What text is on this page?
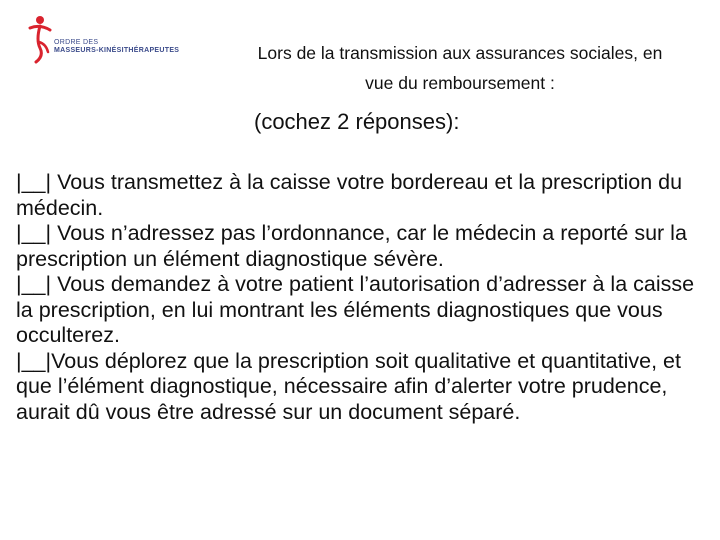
ORDRE DES
MASSEURS-KINÉSITHÉRAPEUTES	Lors de la transmission aux assurances sociales, en
vue du remboursement :
(cochez 2 réponses):

|__| Vous transmettez à la caisse votre bordereau et la prescription du médecin.

|__| Vous n’adressez pas l’ordonnance, car le médecin a reporté sur la prescription un élément diagnostique sévère.

|__| Vous demandez à votre patient l’autorisation d’adresser à la caisse la prescription, en lui montrant les éléments diagnostiques que vous occulterez.

|__|Vous déplorez que la prescription soit qualitative et quantitative, et que l’élément diagnostique, nécessaire afin d’alerter votre prudence, aurait dû vous être adressé sur un document séparé.
